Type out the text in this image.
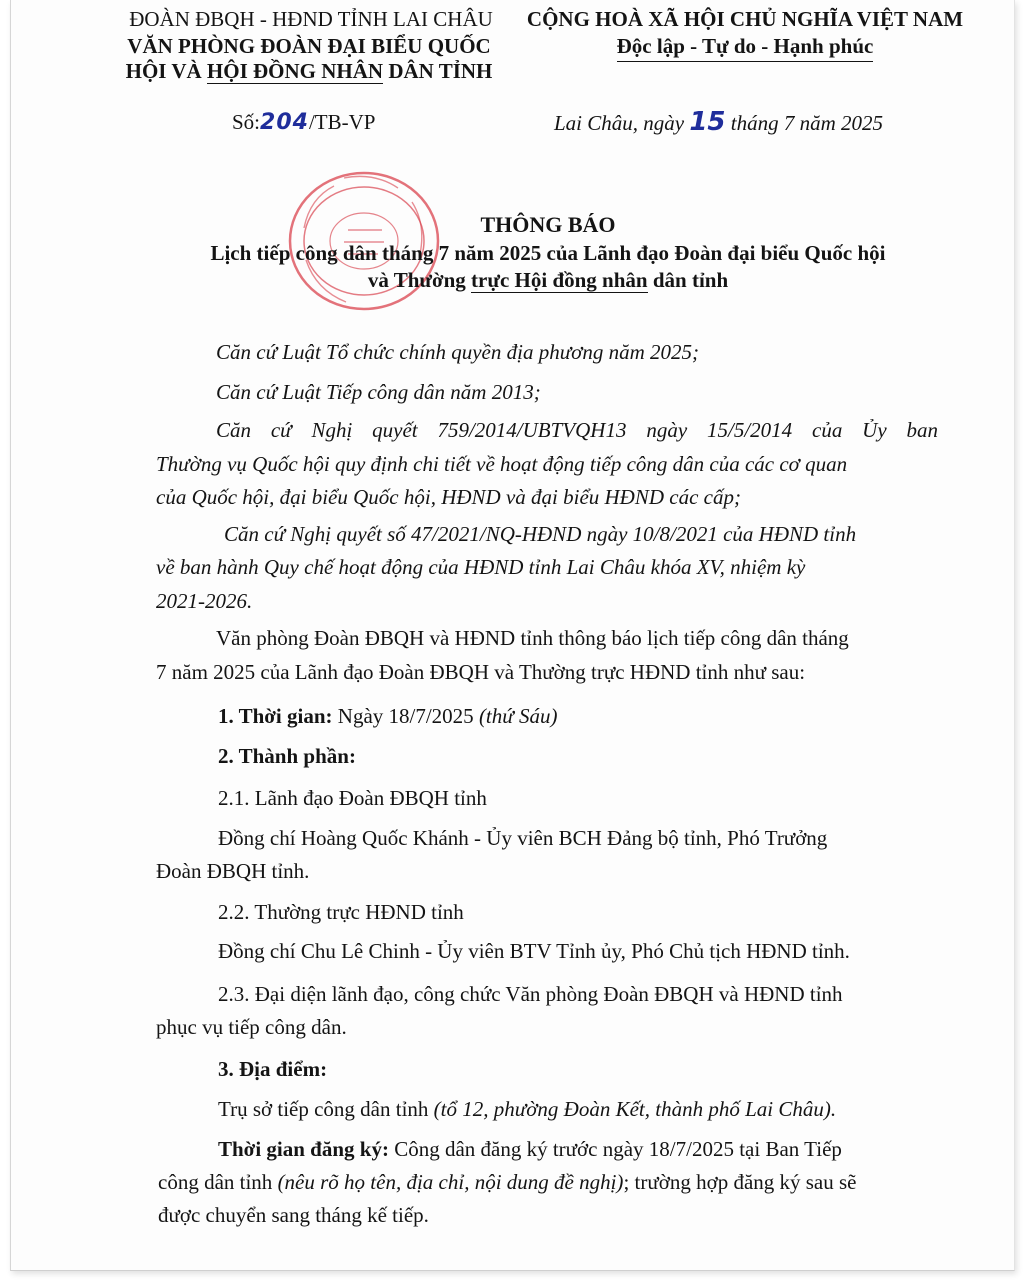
ĐOÀN ĐBQH - HĐND TỈNH LAI CHÂU
VĂN PHÒNG ĐOÀN ĐẠI BIỂU QUỐC
HỘI VÀ HỘI ĐỒNG NHÂN DÂN TỈNH
CỘNG HOÀ XÃ HỘI CHỦ NGHĨA VIỆT NAM
Độc lập - Tự do - Hạnh phúc
Số:204/TB-VP	Lai Châu, ngày 15 tháng 7 năm 2025
THÔNG BÁO
Lịch tiếp công dân tháng 7 năm 2025 của Lãnh đạo Đoàn đại biểu Quốc hội
và Thường trực Hội đồng nhân dân tỉnh
Căn cứ Luật Tổ chức chính quyền địa phương năm 2025;
Căn cứ Luật Tiếp công dân năm 2013;
Căn cứ Nghị quyết 759/2014/UBTVQH13 ngày 15/5/2014 của Ủy ban
Thường vụ Quốc hội quy định chi tiết về hoạt động tiếp công dân của các cơ quan
của Quốc hội, đại biểu Quốc hội, HĐND và đại biểu HĐND các cấp;
Căn cứ Nghị quyết số 47/2021/NQ-HĐND ngày 10/8/2021 của HĐND tỉnh
về ban hành Quy chế hoạt động của HĐND tỉnh Lai Châu khóa XV, nhiệm kỳ
2021-2026.
Văn phòng Đoàn ĐBQH và HĐND tỉnh thông báo lịch tiếp công dân tháng
7 năm 2025 của Lãnh đạo Đoàn ĐBQH và Thường trực HĐND tỉnh như sau:
1. Thời gian: Ngày 18/7/2025 (thứ Sáu)
2. Thành phần:
2.1. Lãnh đạo Đoàn ĐBQH tỉnh
Đồng chí Hoàng Quốc Khánh - Ủy viên BCH Đảng bộ tỉnh, Phó Trưởng
Đoàn ĐBQH tỉnh.
2.2. Thường trực HĐND tỉnh
Đồng chí Chu Lê Chinh - Ủy viên BTV Tỉnh ủy, Phó Chủ tịch HĐND tỉnh.
2.3. Đại diện lãnh đạo, công chức Văn phòng Đoàn ĐBQH và HĐND tỉnh
phục vụ tiếp công dân.
3. Địa điểm:
Trụ sở tiếp công dân tỉnh (tổ 12, phường Đoàn Kết, thành phố Lai Châu).
Thời gian đăng ký: Công dân đăng ký trước ngày 18/7/2025 tại Ban Tiếp
công dân tỉnh (nêu rõ họ tên, địa chỉ, nội dung đề nghị); trường hợp đăng ký sau sẽ
được chuyển sang tháng kế tiếp.
